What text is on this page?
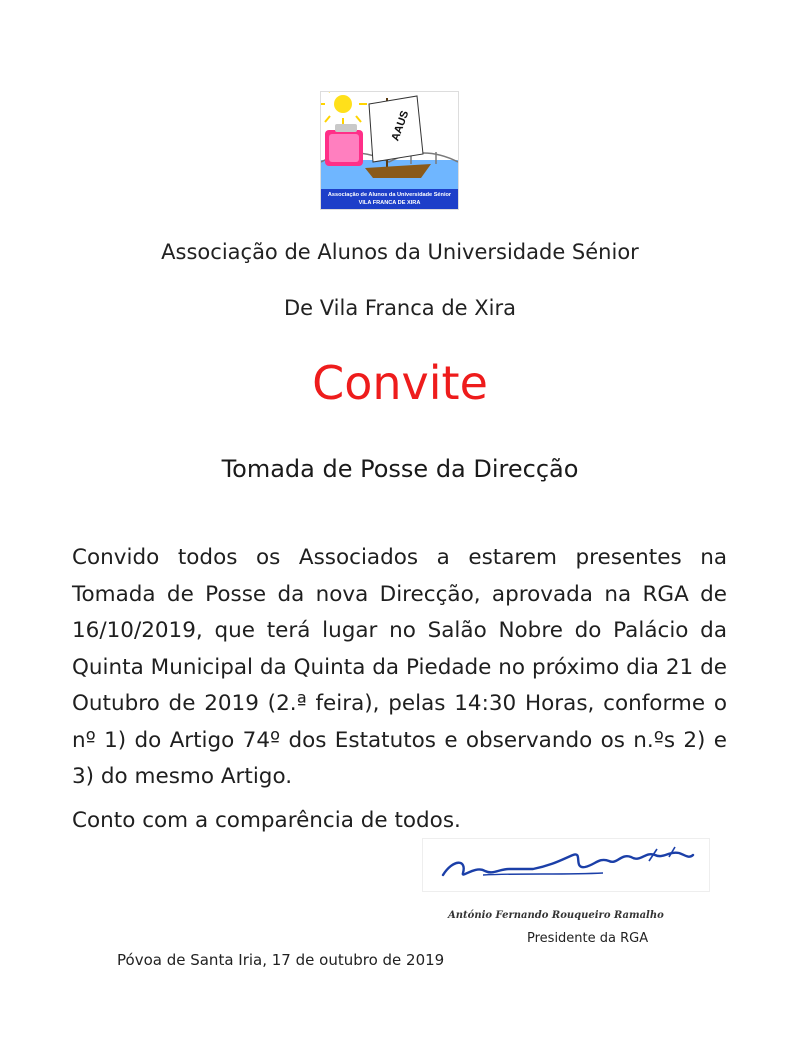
AAUS
Associação de Alunos da Universidade Sénior
VILA FRANCA DE XIRA
Associação de Alunos da Universidade Sénior
De Vila Franca de Xira
Convite
Tomada de Posse da Direcção
Convido todos os Associados a estarem presentes na Tomada de Posse da nova Direcção, aprovada na RGA de 16/10/2019, que terá lugar no Salão Nobre do Palácio da Quinta Municipal da Quinta da Piedade no próximo dia 21 de Outubro de 2019 (2.ª feira), pelas 14:30 Horas, conforme o nº 1) do Artigo 74º dos Estatutos e observando os n.ºs 2) e 3) do mesmo Artigo.
Conto com a comparência de todos.
António Fernando Rouqueiro Ramalho
Presidente da RGA
Póvoa de Santa Iria, 17 de outubro de 2019
